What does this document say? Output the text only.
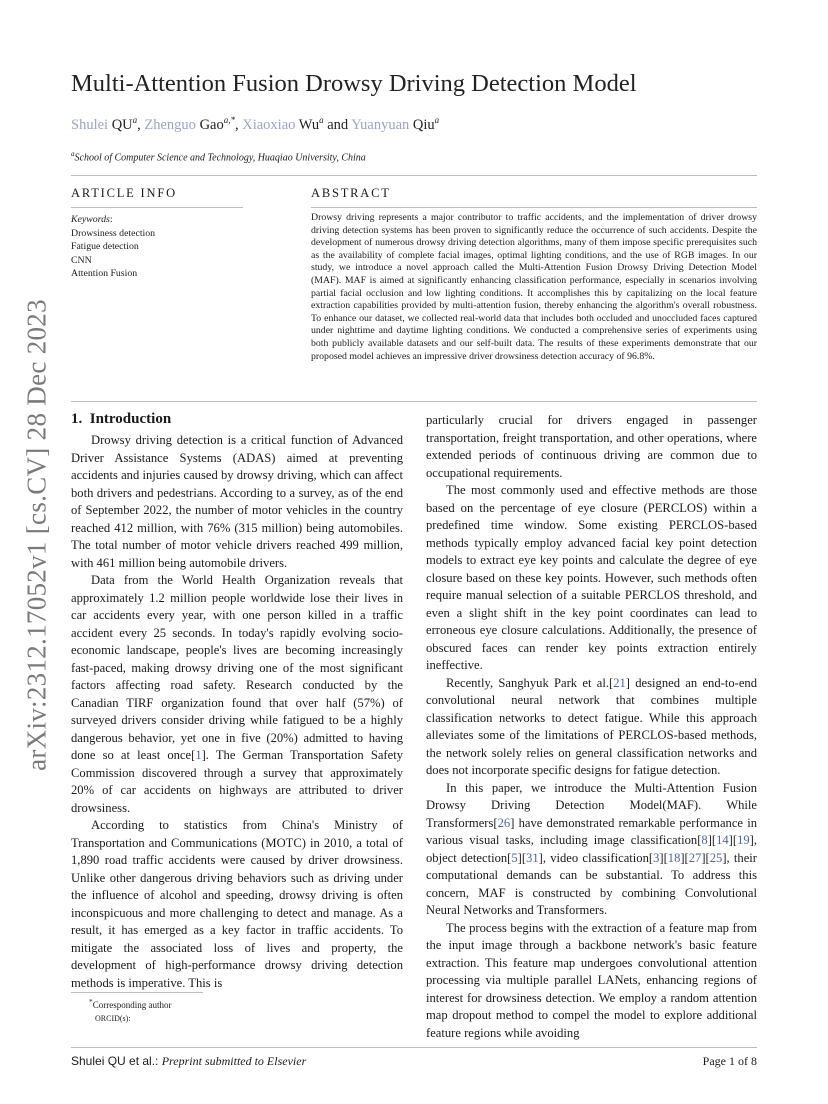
arXiv:2312.17052v1 [cs.CV] 28 Dec 2023
Multi-Attention Fusion Drowsy Driving Detection Model
Shulei $QU^a$, Zhenguo Gao$^{a,*}$, Xiaoxiao Wu$^a$ and Yuanyuan Qiu$^a$
$^a$School of Computer Science and Technology, Huaqiao University, China
ARTICLE INFO
Keywords:
Drowsiness detection
Fatigue detection
CNN
Attention Fusion
ABSTRACT
Drowsy driving represents a major contributor to traffic accidents, and the implementation of driver drowsy driving detection systems has been proven to significantly reduce the occurrence of such accidents. Despite the development of numerous drowsy driving detection algorithms, many of them impose specific prerequisites such as the availability of complete facial images, optimal lighting conditions, and the use of RGB images. In our study, we introduce a novel approach called the Multi-Attention Fusion Drowsy Driving Detection Model (MAF). MAF is aimed at significantly enhancing classification performance, especially in scenarios involving partial facial occlusion and low lighting conditions. It accomplishes this by capitalizing on the local feature extraction capabilities provided by multi-attention fusion, thereby enhancing the algorithm's overall robustness. To enhance our dataset, we collected real-world data that includes both occluded and unoccluded faces captured under nighttime and daytime lighting conditions. We conducted a comprehensive series of experiments using both publicly available datasets and our self-built data. The results of these experiments demonstrate that our proposed model achieves an impressive driver drowsiness detection accuracy of 96.8%.
1. Introduction

Drowsy driving detection is a critical function of Advanced Driver Assistance Systems (ADAS) aimed at preventing accidents and injuries caused by drowsy driving, which can affect both drivers and pedestrians. According to a survey, as of the end of September 2022, the number of motor vehicles in the country reached 412 million, with 76% (315 million) being automobiles. The total number of motor vehicle drivers reached 499 million, with 461 million being automobile drivers.

Data from the World Health Organization reveals that approximately 1.2 million people worldwide lose their lives in car accidents every year, with one person killed in a traffic accident every 25 seconds. In today's rapidly evolving socio-economic landscape, people's lives are becoming increasingly fast-paced, making drowsy driving one of the most significant factors affecting road safety. Research conducted by the Canadian TIRF organization found that over half (57%) of surveyed drivers consider driving while fatigued to be a highly dangerous behavior, yet one in five (20%) admitted to having done so at least once[1]. The German Transportation Safety Commission discovered through a survey that approximately 20% of car accidents on highways are attributed to driver drowsiness.

According to statistics from China's Ministry of Transportation and Communications (MOTC) in 2010, a total of 1,890 road traffic accidents were caused by driver drowsiness. Unlike other dangerous driving behaviors such as driving under the influence of alcohol and speeding, drowsy driving is often inconspicuous and more challenging to detect and manage. As a result, it has emerged as a key factor in traffic accidents. To mitigate the associated loss of lives and property, the development of high-performance drowsy driving detection methods is imperative. This is

particularly crucial for drivers engaged in passenger transportation, freight transportation, and other operations, where extended periods of continuous driving are common due to occupational requirements.

The most commonly used and effective methods are those based on the percentage of eye closure (PERCLOS) within a predefined time window. Some existing PERCLOS-based methods typically employ advanced facial key point detection models to extract eye key points and calculate the degree of eye closure based on these key points. However, such methods often require manual selection of a suitable PERCLOS threshold, and even a slight shift in the key point coordinates can lead to erroneous eye closure calculations. Additionally, the presence of obscured faces can render key points extraction entirely ineffective.

Recently, Sanghyuk Park et al.[21] designed an end-to-end convolutional neural network that combines multiple classification networks to detect fatigue. While this approach alleviates some of the limitations of PERCLOS-based methods, the network solely relies on general classification networks and does not incorporate specific designs for fatigue detection.

In this paper, we introduce the Multi-Attention Fusion Drowsy Driving Detection Model(MAF). While Transformers[26] have demonstrated remarkable performance in various visual tasks, including image classification[8][14][19], object detection[5][31], video classification[3][18][27][25], their computational demands can be substantial. To address this concern, MAF is constructed by combining Convolutional Neural Networks and Transformers.

The process begins with the extraction of a feature map from the input image through a backbone network's basic feature extraction. This feature map undergoes convolutional attention processing via multiple parallel LANets, enhancing regions of interest for drowsiness detection. We employ a random attention map dropout method to compel the model to explore additional feature regions while avoiding

*Corresponding author
ORCID(s):
Shulei QU et al.: Preprint submitted to Elsevier	Page 1 of 8
